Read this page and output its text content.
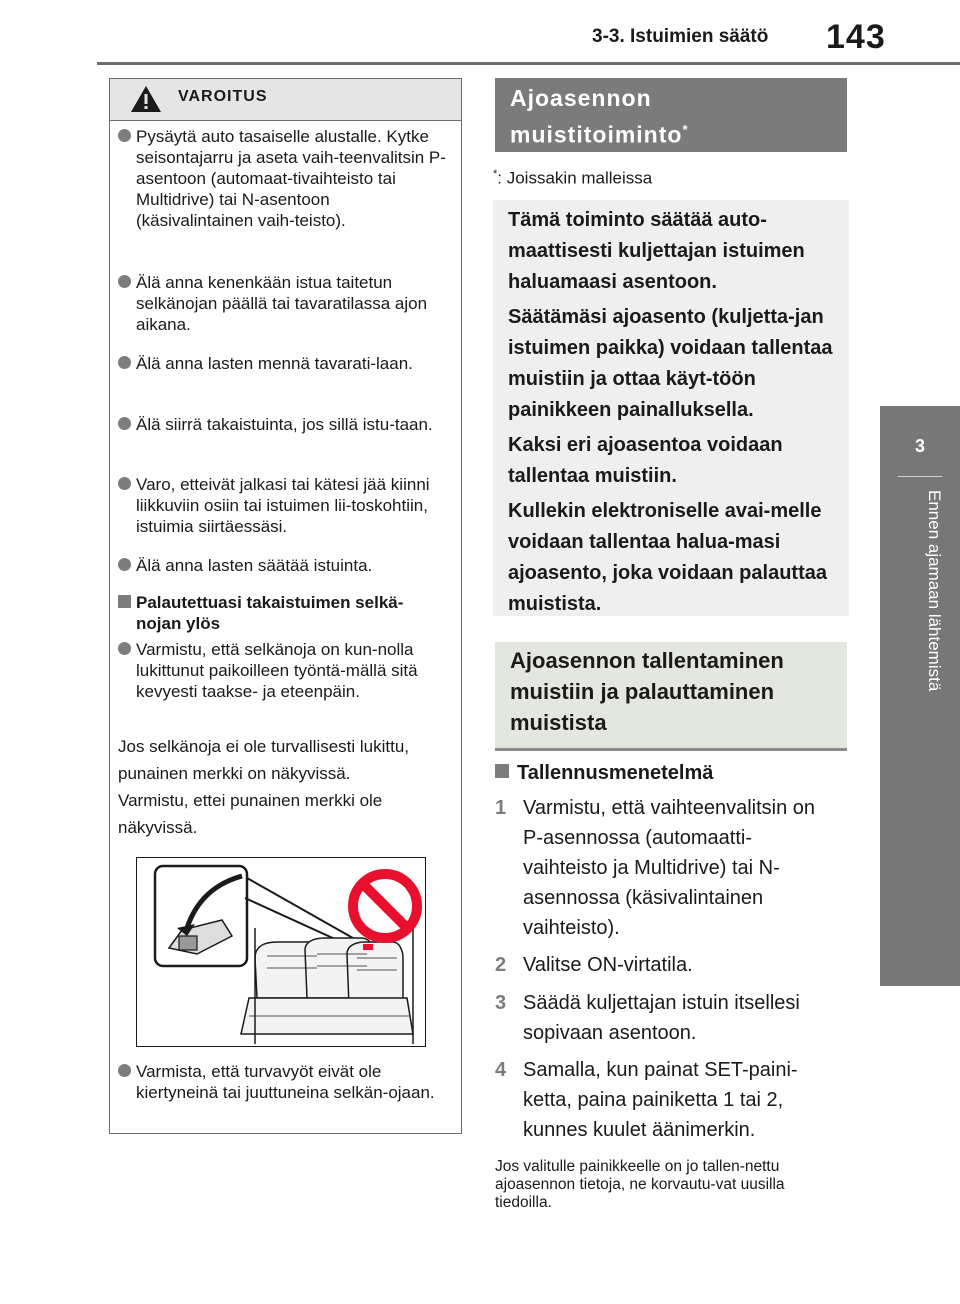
3-3. Istuimien säätö 143
3
Ennen ajamaan lähtemistä
VAROITUS
Pysäytä auto tasaiselle alustalle. Kytke seisontajarru ja aseta vaih-teenvalitsin P-asentoon (automaat-tivaihteisto tai Multidrive) tai N-asentoon (käsivalintainen vaih-teisto).
Älä anna kenenkään istua taitetun selkänojan päällä tai tavaratilassa ajon aikana.
Älä anna lasten mennä tavarati-laan.
Älä siirrä takaistuinta, jos sillä istu-taan.
Varo, etteivät jalkasi tai kätesi jää kiinni liikkuviin osiin tai istuimen lii-toskohtiin, istuimia siirtäessäsi.
Älä anna lasten säätää istuinta.
Palautettuasi takaistuimen selkä-nojan ylös
Varmistu, että selkänoja on kun-nolla lukittunut paikoilleen työntä-mällä sitä kevyesti taakse- ja eteenpäin.
Jos selkänoja ei ole turvallisesti lukittu, punainen merkki on näkyvissä.
Varmistu, ettei punainen merkki ole näkyvissä.
Varmista, että turvavyöt eivät ole kiertyneinä tai juuttuneina selkän-ojaan.
Ajoasennon
muistitoiminto*
*: Joissakin malleissa

Tämä toiminto säätää auto-maattisesti kuljettajan istuimen haluamaasi asentoon.

Säätämäsi ajoasento (kuljetta-jan istuimen paikka) voidaan tallentaa muistiin ja ottaa käyt-töön painikkeen painalluksella.

Kaksi eri ajoasentoa voidaan tallentaa muistiin.

Kullekin elektroniselle avai-melle voidaan tallentaa halua-masi ajoasento, joka voidaan palauttaa muistista.

Ajoasennon tallentaminen muistiin ja palauttaminen muistista
Tallennusmenetelmä
1 Varmistu, että vaihteenvalitsin on P-asennossa (automaatti-vaihteisto ja Multidrive) tai N-asennossa (käsivalintainen vaihteisto).
2 Valitse ON-virtatila.
3 Säädä kuljettajan istuin itsellesi sopivaan asentoon.
4 Samalla, kun painat SET-paini-ketta, paina painiketta 1 tai 2, kunnes kuulet äänimerkin.
Jos valitulle painikkeelle on jo tallen-nettu ajoasennon tietoja, ne korvautu-vat uusilla tiedoilla.
